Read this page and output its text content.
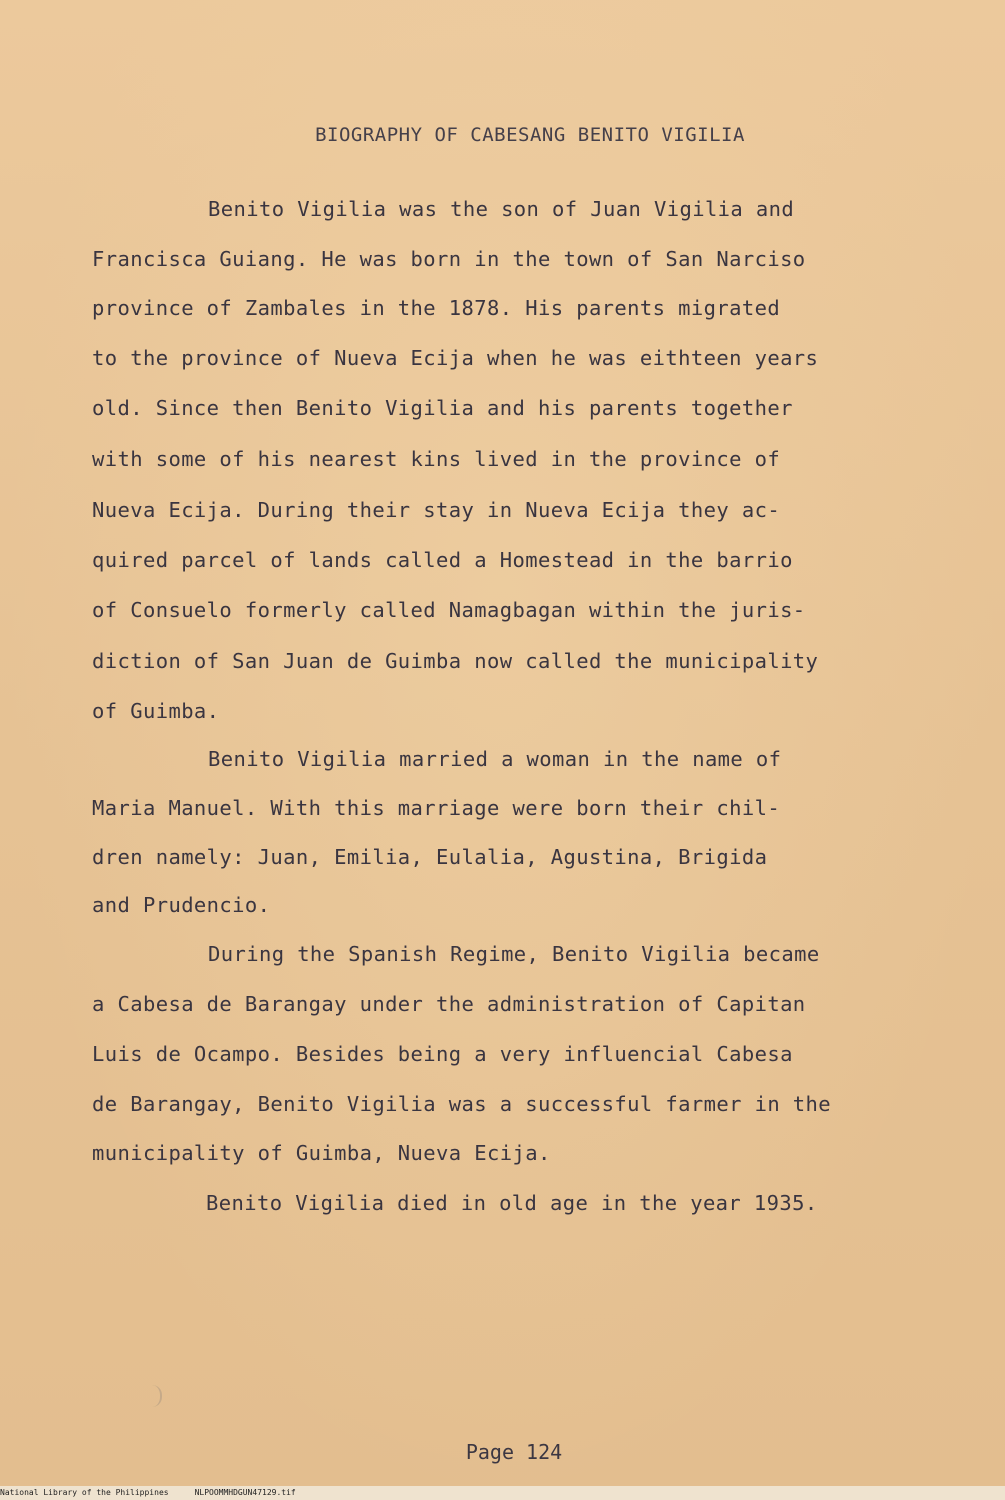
BIOGRAPHY OF CABESANG BENITO VIGILIA
Benito Vigilia was the son of Juan Vigilia and
Francisca Guiang. He was born in the town of San Narciso
province of Zambales in the 1878. His parents migrated
to the province of Nueva Ecija when he was eithteen years
old. Since then Benito Vigilia and his parents together
with some of his nearest kins lived in the province of
Nueva Ecija. During their stay in Nueva Ecija they ac-
quired parcel of lands called a Homestead in the barrio
of Consuelo formerly called Namagbagan within the juris-
diction of San Juan de Guimba now called the municipality
of Guimba.
Benito Vigilia married a woman in the name of
Maria Manuel. With this marriage were born their chil-
dren namely: Juan, Emilia, Eulalia, Agustina, Brigida
and Prudencio.
During the Spanish Regime, Benito Vigilia became
a Cabesa de Barangay under the administration of Capitan
Luis de Ocampo. Besides being a very influencial Cabesa
de Barangay, Benito Vigilia was a successful farmer in the
municipality of Guimba, Nueva Ecija.
Benito Vigilia died in old age in the year 1935.
Page 124
National Library of the Philippines	NLPOOMMHDGUN47129.tif
